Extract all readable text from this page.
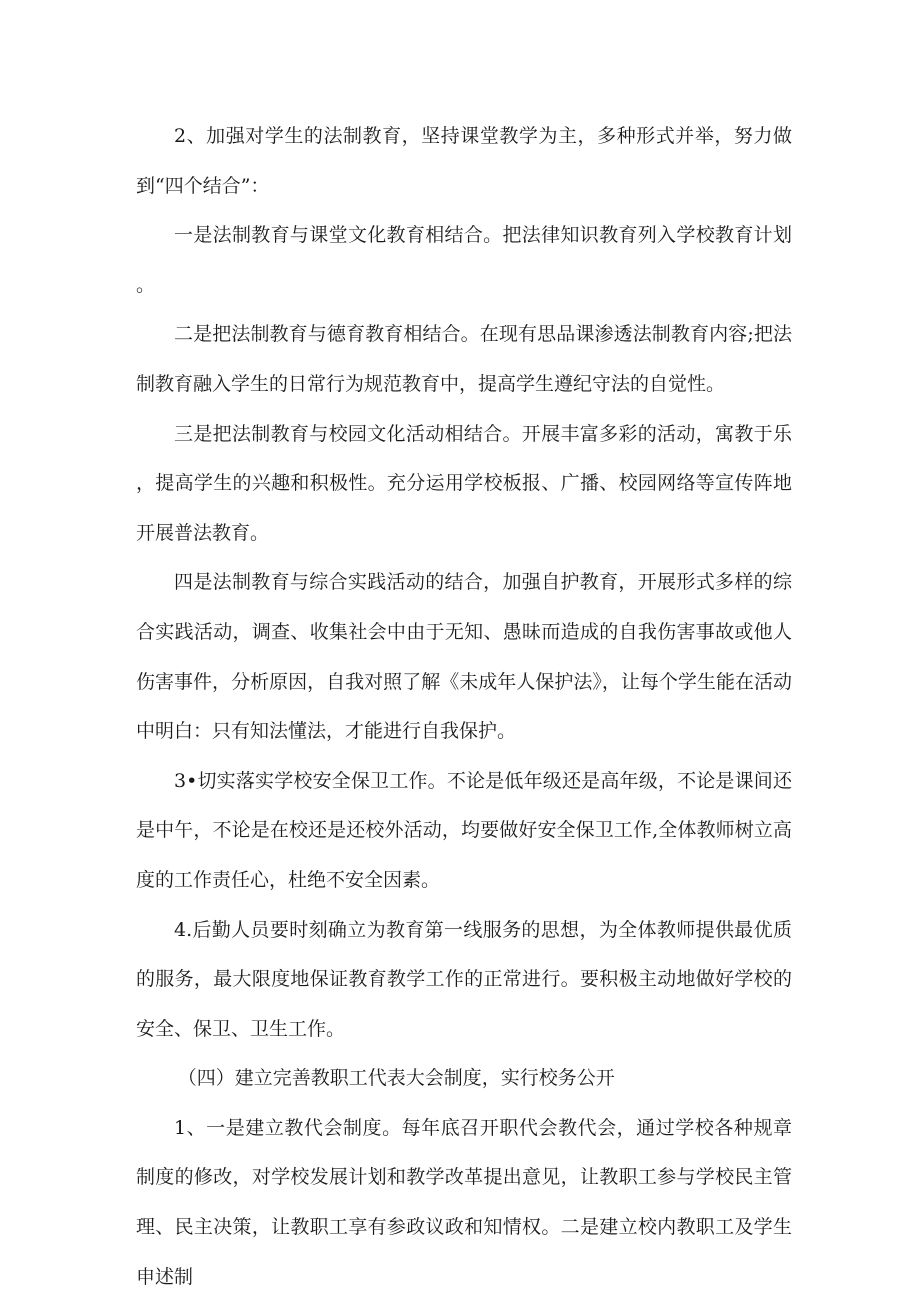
2、加强对学生的法制教育，坚持课堂教学为主，多种形式并举，努力做到“四个结合”：

一是法制教育与课堂文化教育相结合。把法律知识教育列入学校教育计划。

二是把法制教育与德育教育相结合。在现有思品课渗透法制教育内容;把法制教育融入学生的日常行为规范教育中，提高学生遵纪守法的自觉性。

三是把法制教育与校园文化活动相结合。开展丰富多彩的活动，寓教于乐，提高学生的兴趣和积极性。充分运用学校板报、广播、校园网络等宣传阵地开展普法教育。

四是法制教育与综合实践活动的结合，加强自护教育，开展形式多样的综合实践活动，调查、收集社会中由于无知、愚昧而造成的自我伤害事故或他人伤害事件，分析原因，自我对照了解《未成年人保护法》，让每个学生能在活动中明白：只有知法懂法，才能进行自我保护。

3•切实落实学校安全保卫工作。不论是低年级还是高年级，不论是课间还是中午，不论是在校还是还校外活动，均要做好安全保卫工作,全体教师树立高度的工作责任心，杜绝不安全因素。

4.后勤人员要时刻确立为教育第一线服务的思想，为全体教师提供最优质的服务，最大限度地保证教育教学工作的正常进行。要积极主动地做好学校的安全、保卫、卫生工作。

（四）建立完善教职工代表大会制度，实行校务公开

1、一是建立教代会制度。每年底召开职代会教代会，通过学校各种规章制度的修改，对学校发展计划和教学改革提出意见，让教职工参与学校民主管理、民主决策，让教职工享有参政议政和知情权。二是建立校内教职工及学生申述制
